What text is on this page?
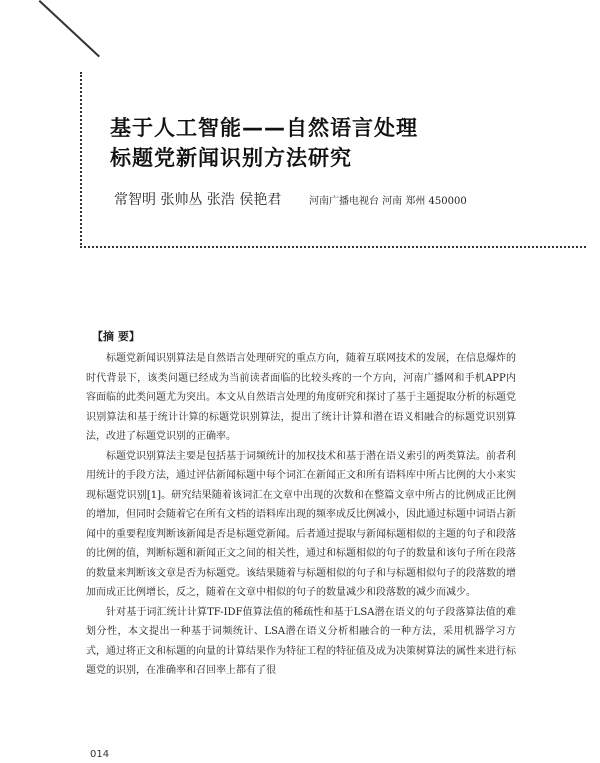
基于人工智能——自然语言处理
标题党新闻识别方法研究
常智明 张帅丛 张浩 侯艳君	河南广播电视台 河南 郑州 450000
【摘 要】

标题党新闻识别算法是自然语言处理研究的重点方向，随着互联网技术的发展，在信息爆炸的时代背景下，该类问题已经成为当前读者面临的比较头疼的一个方向，河南广播网和手机APP内容面临的此类问题尤为突出。本文从自然语言处理的角度研究和探讨了基于主题提取分析的标题党识别算法和基于统计计算的标题党识别算法，提出了统计计算和潜在语义相融合的标题党识别算法，改进了标题党识别的正确率。

标题党识别算法主要是包括基于词频统计的加权技术和基于潜在语义索引的两类算法。前者利用统计的手段方法，通过评估新闻标题中每个词汇在新闻正文和所有语料库中所占比例的大小来实现标题党识别[1]。研究结果随着该词汇在文章中出现的次数和在整篇文章中所占的比例成正比例的增加，但同时会随着它在所有文档的语料库出现的频率成反比例减小，因此通过标题中词语占新闻中的重要程度判断该新闻是否是标题党新闻。后者通过提取与新闻标题相似的主题的句子和段落的比例的值，判断标题和新闻正文之间的相关性，通过和标题相似的句子的数量和该句子所在段落的数量来判断该文章是否为标题党。该结果随着与标题相似的句子和与标题相似句子的段落数的增加而成正比例增长，反之，随着在文章中相似的句子的数量减少和段落数的减少而减少。

针对基于词汇统计计算TF-IDF值算法值的稀疏性和基于LSA潜在语义的句子段落算法值的难划分性，本文提出一种基于词频统计、LSA潜在语义分析相融合的一种方法，采用机器学习方式，通过将正文和标题的向量的计算结果作为特征工程的特征值及成为决策树算法的属性来进行标题党的识别，在准确率和召回率上都有了很

014
